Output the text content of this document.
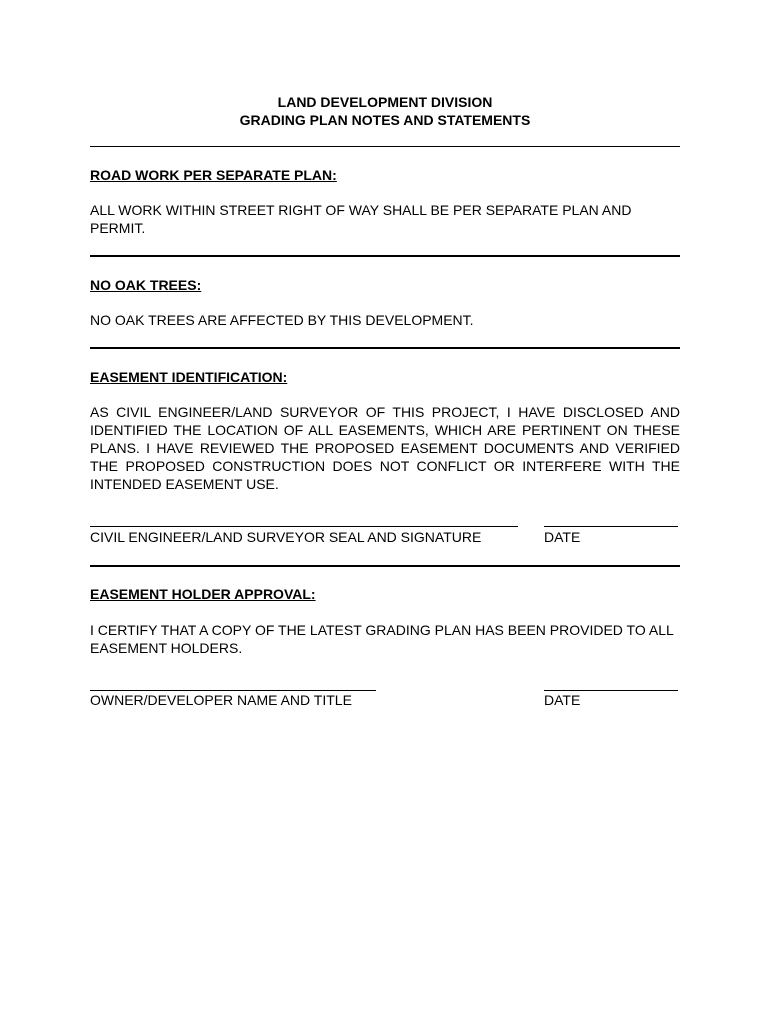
LAND DEVELOPMENT DIVISION

GRADING PLAN NOTES AND STATEMENTS

ROAD WORK PER SEPARATE PLAN:

ALL WORK WITHIN STREET RIGHT OF WAY SHALL BE PER SEPARATE PLAN AND PERMIT.

NO OAK TREES:

NO OAK TREES ARE AFFECTED BY THIS DEVELOPMENT.

EASEMENT IDENTIFICATION:

AS CIVIL ENGINEER/LAND SURVEYOR OF THIS PROJECT, I HAVE DISCLOSED AND IDENTIFIED THE LOCATION OF ALL EASEMENTS, WHICH ARE PERTINENT ON THESE PLANS. I HAVE REVIEWED THE PROPOSED EASEMENT DOCUMENTS AND VERIFIED THE PROPOSED CONSTRUCTION DOES NOT CONFLICT OR INTERFERE WITH THE INTENDED EASEMENT USE.

CIVIL ENGINEER/LAND SURVEYOR SEAL AND SIGNATURE	DATE

EASEMENT HOLDER APPROVAL:

I CERTIFY THAT A COPY OF THE LATEST GRADING PLAN HAS BEEN PROVIDED TO ALL EASEMENT HOLDERS.

OWNER/DEVELOPER NAME AND TITLE	DATE
